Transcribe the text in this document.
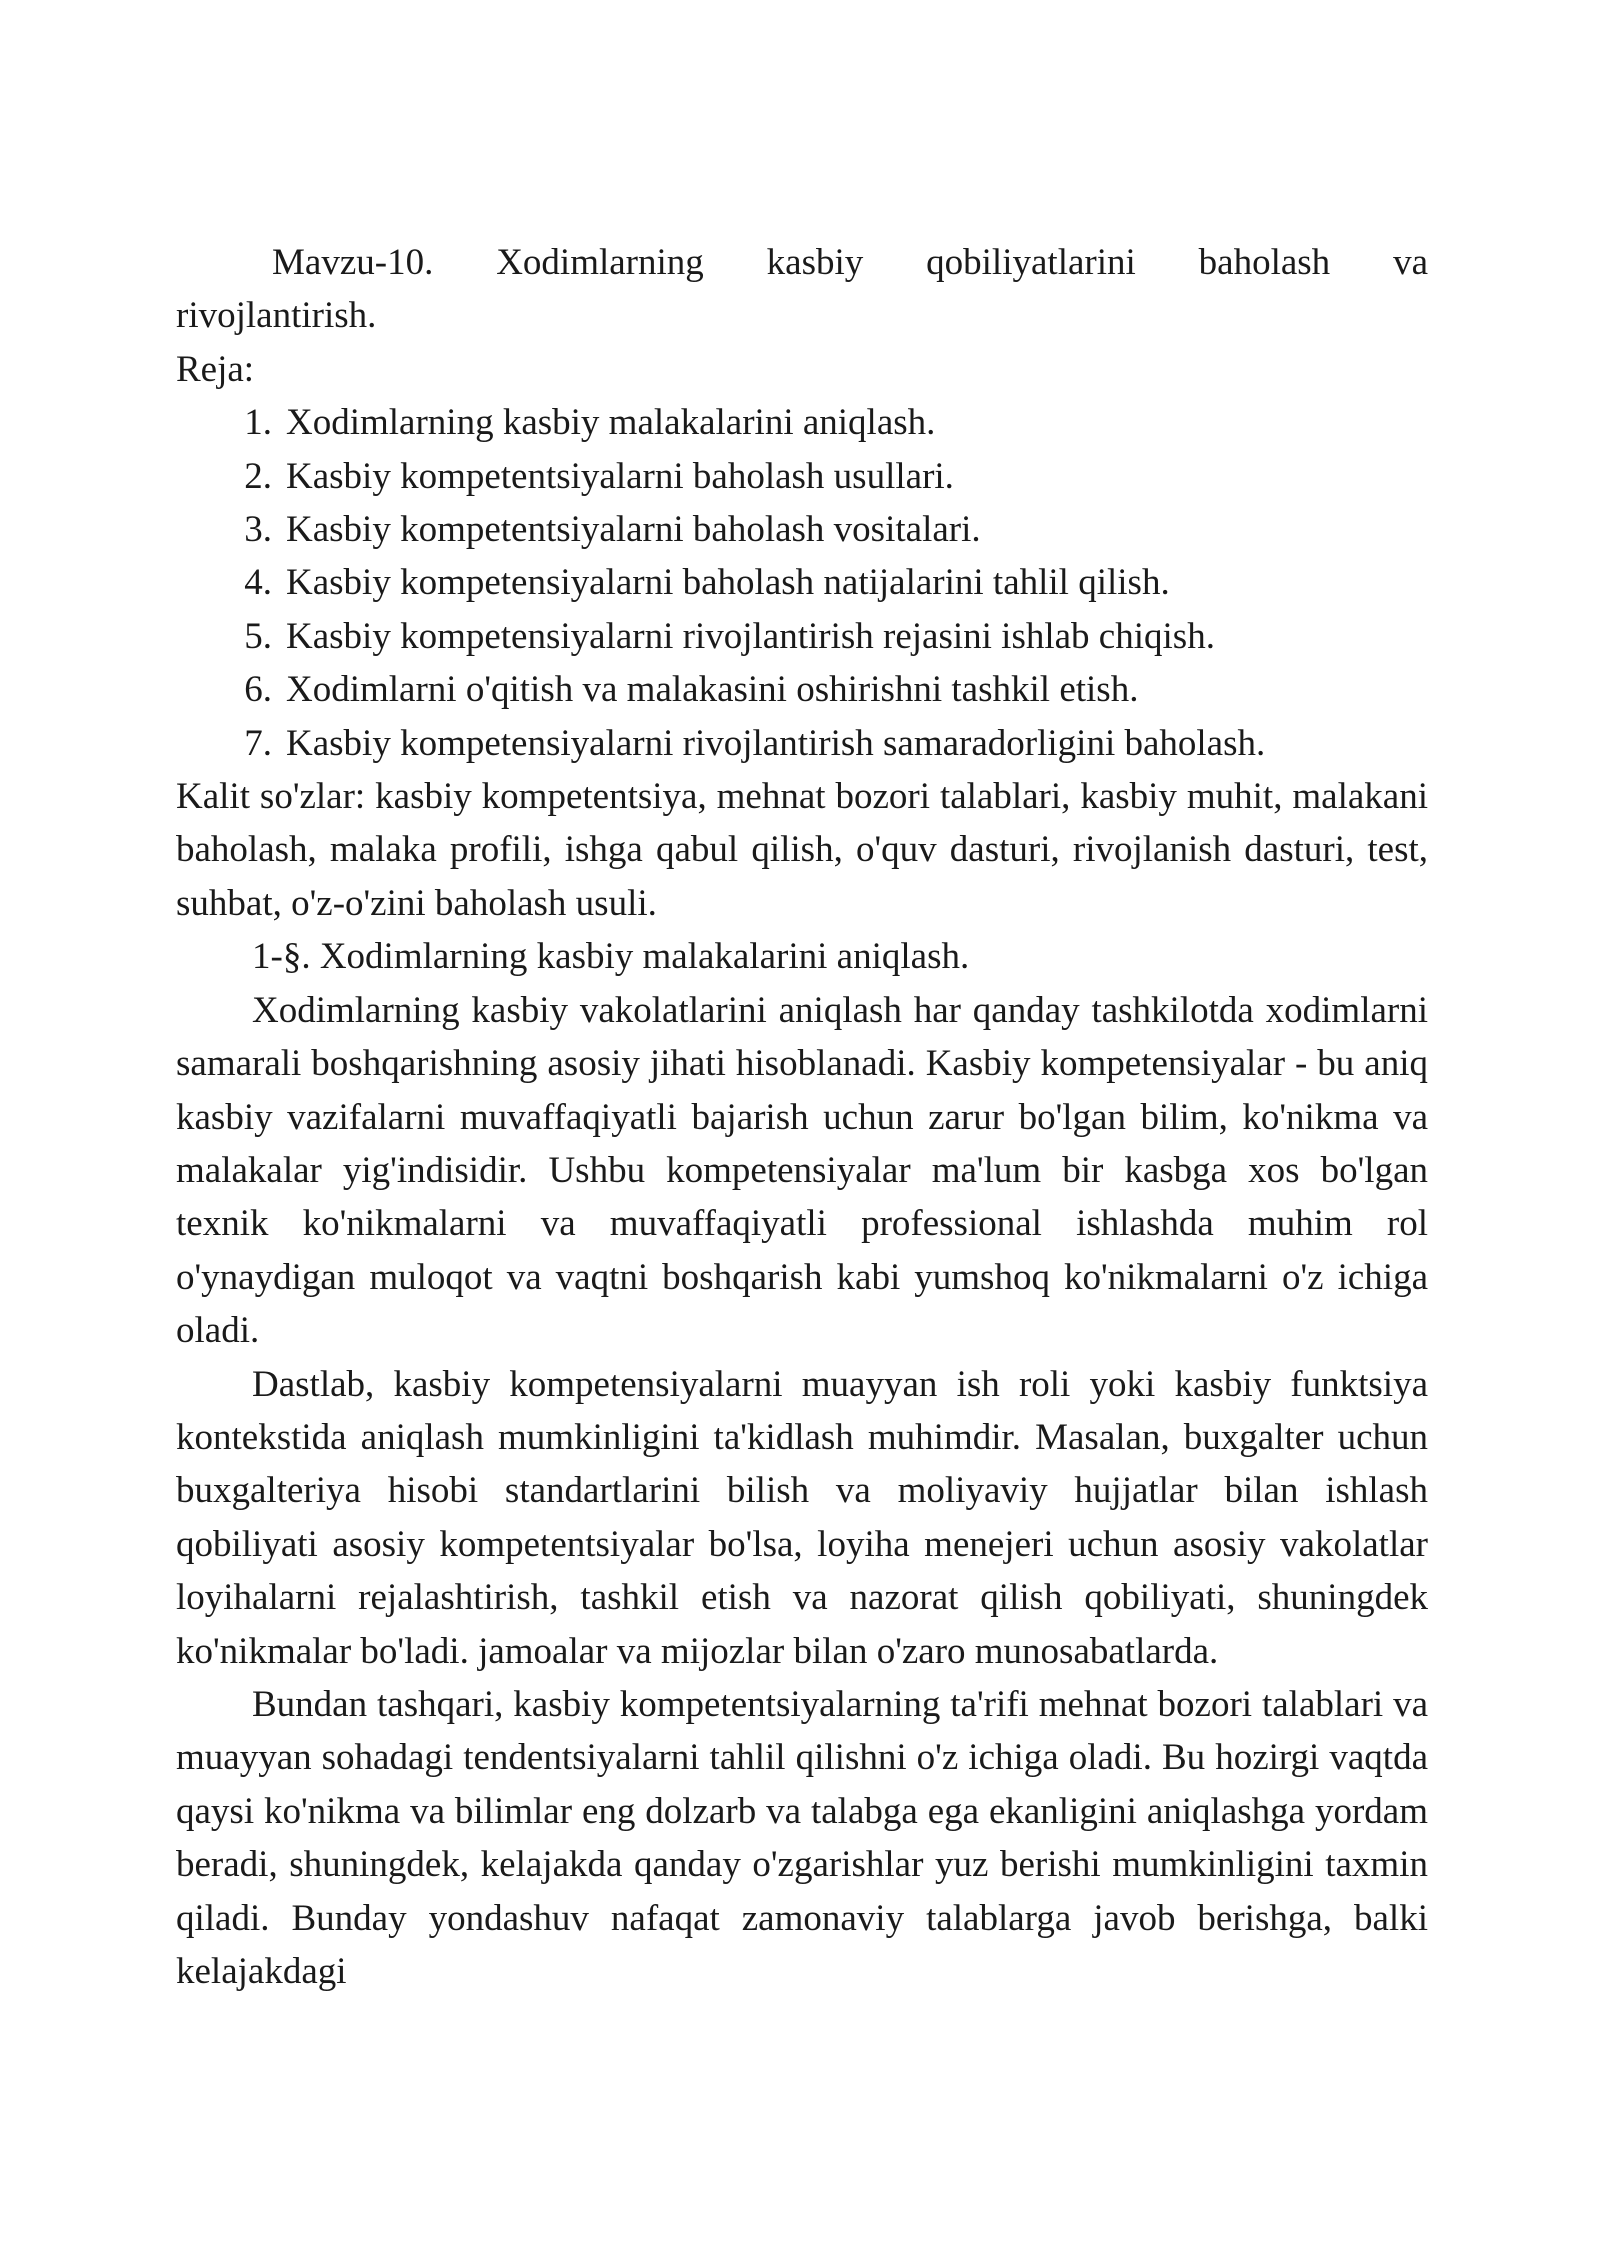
Mavzu-10. Xodimlarning kasbiy qobiliyatlarini baholash va rivojlantirish.

Reja:

1. Xodimlarning kasbiy malakalarini aniqlash.
2. Kasbiy kompetentsiyalarni baholash usullari.
3. Kasbiy kompetentsiyalarni baholash vositalari.
4. Kasbiy kompetensiyalarni baholash natijalarini tahlil qilish.
5. Kasbiy kompetensiyalarni rivojlantirish rejasini ishlab chiqish.
6. Xodimlarni o'qitish va malakasini oshirishni tashkil etish.
7. Kasbiy kompetensiyalarni rivojlantirish samaradorligini baholash.

Kalit so'zlar: kasbiy kompetentsiya, mehnat bozori talablari, kasbiy muhit, malakani baholash, malaka profili, ishga qabul qilish, o'quv dasturi, rivojlanish dasturi, test, suhbat, o'z-o'zini baholash usuli.

1-§. Xodimlarning kasbiy malakalarini aniqlash.

Xodimlarning kasbiy vakolatlarini aniqlash har qanday tashkilotda xodimlarni samarali boshqarishning asosiy jihati hisoblanadi. Kasbiy kompetensiyalar - bu aniq kasbiy vazifalarni muvaffaqiyatli bajarish uchun zarur bo'lgan bilim, ko'nikma va malakalar yig'indisidir. Ushbu kompetensiyalar ma'lum bir kasbga xos bo'lgan texnik ko'nikmalarni va muvaffaqiyatli professional ishlashda muhim rol o'ynaydigan muloqot va vaqtni boshqarish kabi yumshoq ko'nikmalarni o'z ichiga oladi.

Dastlab, kasbiy kompetensiyalarni muayyan ish roli yoki kasbiy funktsiya kontekstida aniqlash mumkinligini ta'kidlash muhimdir. Masalan, buxgalter uchun buxgalteriya hisobi standartlarini bilish va moliyaviy hujjatlar bilan ishlash qobiliyati asosiy kompetentsiyalar bo'lsa, loyiha menejeri uchun asosiy vakolatlar loyihalarni rejalashtirish, tashkil etish va nazorat qilish qobiliyati, shuningdek ko'nikmalar bo'ladi. jamoalar va mijozlar bilan o'zaro munosabatlarda.

Bundan tashqari, kasbiy kompetentsiyalarning ta'rifi mehnat bozori talablari va muayyan sohadagi tendentsiyalarni tahlil qilishni o'z ichiga oladi. Bu hozirgi vaqtda qaysi ko'nikma va bilimlar eng dolzarb va talabga ega ekanligini aniqlashga yordam beradi, shuningdek, kelajakda qanday o'zgarishlar yuz berishi mumkinligini taxmin qiladi. Bunday yondashuv nafaqat zamonaviy talablarga javob berishga, balki kelajakdagi
